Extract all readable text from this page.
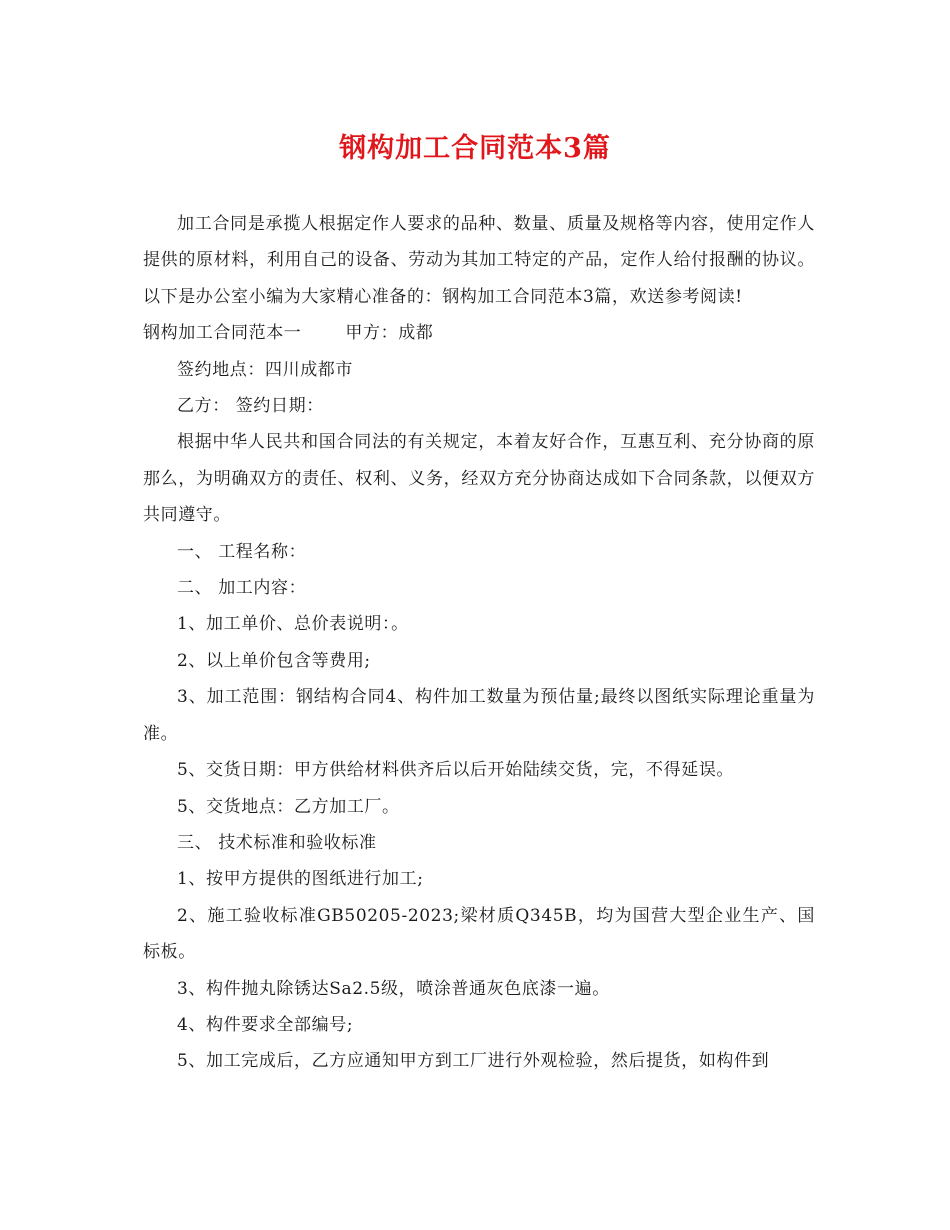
钢构加工合同范本3篇

加工合同是承揽人根据定作人要求的品种、数量、质量及规格等内容，使用定作人提供的原材料，利用自己的设备、劳动为其加工特定的产品，定作人给付报酬的协议。以下是办公室小编为大家精心准备的：钢构加工合同范本3篇，欢送参考阅读!

钢构加工合同范本一	甲方：成都

签约地点：四川成都市

乙方： 签约日期：

根据中华人民共和国合同法的有关规定，本着友好合作，互惠互利、充分协商的原那么，为明确双方的责任、权利、义务，经双方充分协商达成如下合同条款，以便双方共同遵守。

一、 工程名称：

二、 加工内容：

1、加工单价、总价表说明：。

2、以上单价包含等费用;

3、加工范围：钢结构合同4、构件加工数量为预估量;最终以图纸实际理论重量为准。

5、交货日期：甲方供给材料供齐后以后开始陆续交货，完，不得延误。

5、交货地点：乙方加工厂。

三、 技术标准和验收标准

1、按甲方提供的图纸进行加工;

2、施工验收标准GB50205-2023;梁材质Q345B，均为国营大型企业生产、国标板。

3、构件抛丸除锈达Sa2.5级，喷涂普通灰色底漆一遍。

4、构件要求全部编号;

5、加工完成后，乙方应通知甲方到工厂进行外观检验，然后提货，如构件到
